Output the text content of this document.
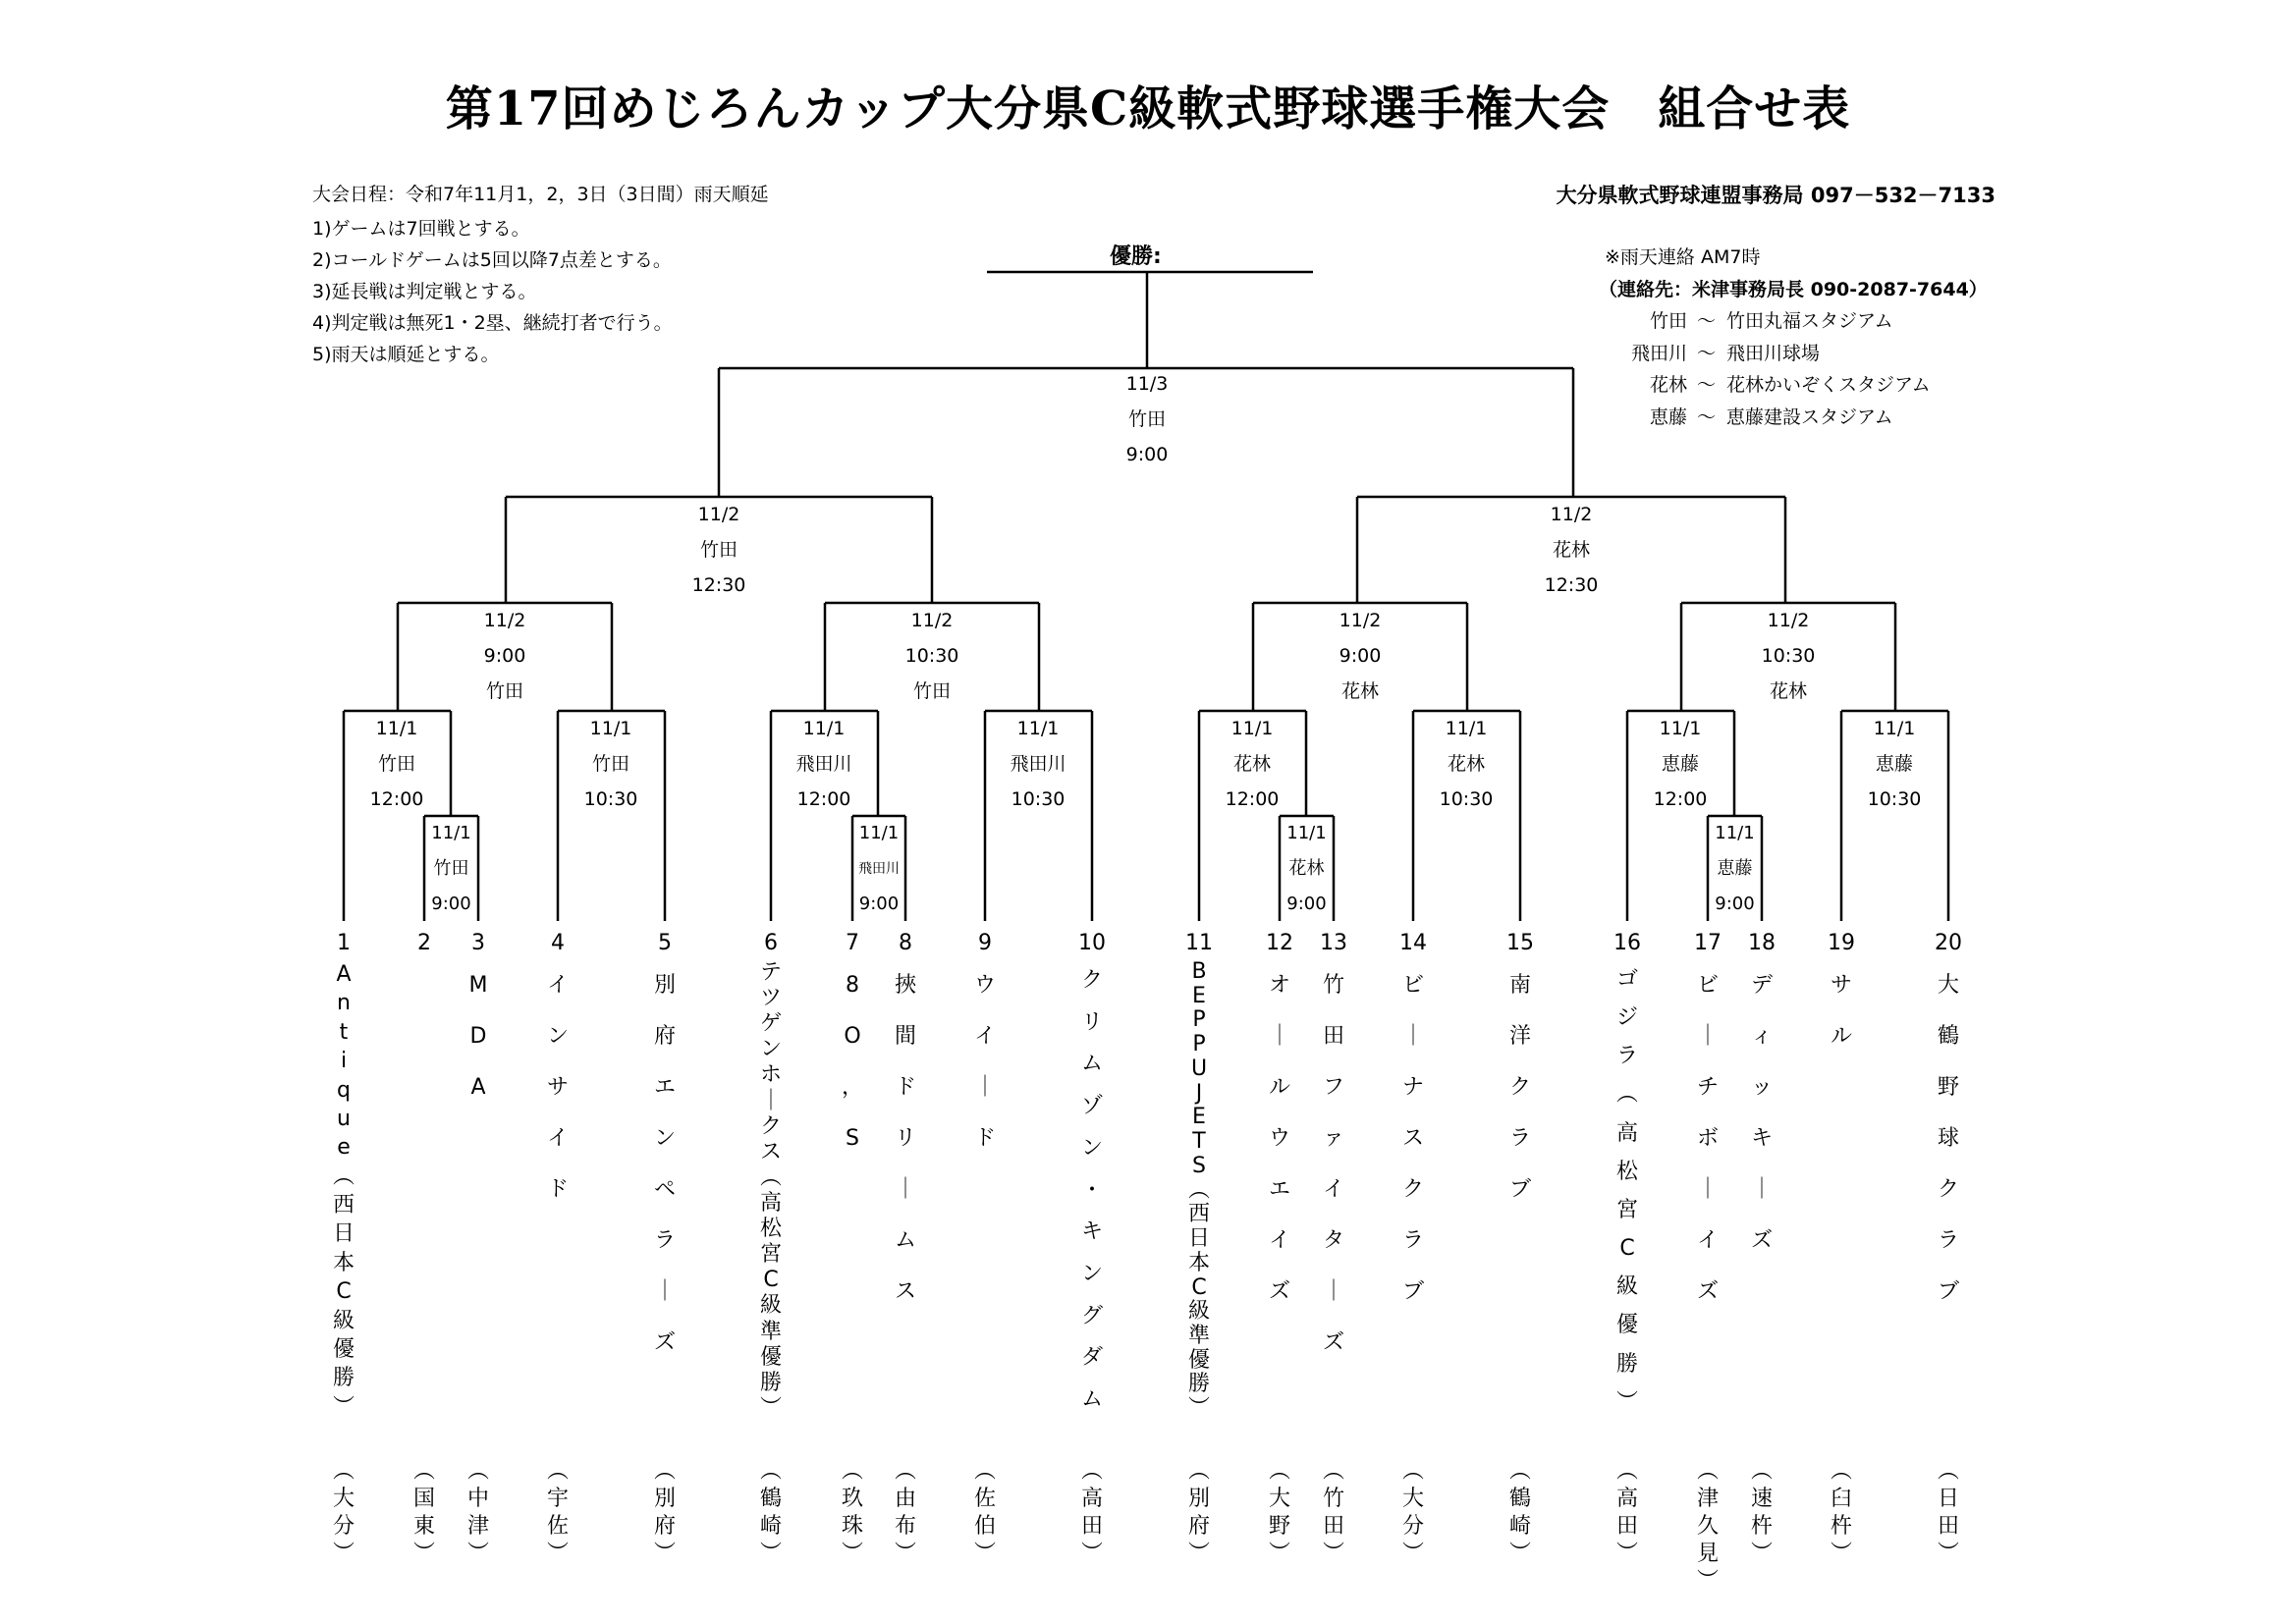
第17回めじろんカップ大分県C級軟式野球選手権大会　組合せ表
大会日程：令和7年11月1，2，3日（3日間）雨天順延
1)ゲームは7回戦とする。
2)コールドゲームは5回以降7点差とする。
3)延長戦は判定戦とする。
4)判定戦は無死1・2塁、継続打者で行う。
5)雨天は順延とする。
大分県軟式野球連盟事務局 097－532－7133
※雨天連絡 AM7時
（連絡先：米津事務局長 090-2087-7644）
竹田 ～ 竹田丸福スタジアム
飛田川 ～ 飛田川球場
花林 ～ 花林かいぞくスタジアム
恵藤 ～ 恵藤建設スタジアム
優勝:
11/3
竹田
9:00
11/2
竹田
12:30
11/2
花林
12:30
11/2
9:00
竹田
11/2
10:30
竹田
11/2
9:00
花林
11/2
10:30
花林
11/1
竹田
12:00
11/1
竹田
10:30
11/1
飛田川
12:00
11/1
飛田川
10:30
11/1
花林
12:00
11/1
花林
10:30
11/1
恵藤
12:00
11/1
恵藤
10:30
11/1
竹田
9:00
11/1
飛田川
9:00
11/1
花林
9:00
11/1
恵藤
9:00
1
A
n
t
i
q
u
e
︵
西
日
本
C
級
優
勝
︶
︵
大
分
︶
2
︵
国
東
︶
3
M
D
A
︵
中
津
︶
4
イ
ン
サ
イ
ド
︵
宇
佐
︶
5
別
府
エ
ン
ペ
ラ
｜
ズ
︵
別
府
︶
6
テ
ツ
ゲ
ン
ホ
｜
ク
ス
︵
高
松
宮
C
級
準
優
勝
︶
︵
鶴
崎
︶
7
8
O
，
S
︵
玖
珠
︶
8
挾
間
ド
リ
｜
ム
ス
︵
由
布
︶
9
ウ
イ
｜
ド
︵
佐
伯
︶
10
ク
リ
ム
ゾ
ン
・
キ
ン
グ
ダ
ム
︵
高
田
︶
11
B
E
P
P
U
J
E
T
S
︵
西
日
本
C
級
準
優
勝
︶
︵
別
府
︶
12
オ
｜
ル
ウ
エ
イ
ズ
︵
大
野
︶
13
竹
田
フ
ァ
イ
タ
｜
ズ
︵
竹
田
︶
14
ビ
｜
ナ
ス
ク
ラ
ブ
︵
大
分
︶
15
南
洋
ク
ラ
ブ
︵
鶴
崎
︶
16
ゴ
ジ
ラ
︵
高
松
宮
C
級
優
勝
︶
︵
高
田
︶
17
ビ
｜
チ
ボ
｜
イ
ズ
︵
津
久
見
︶
18
デ
ィ
ッ
キ
｜
ズ
︵
速
杵
︶
19
サ
ル
︵
臼
杵
︶
20
大
鶴
野
球
ク
ラ
ブ
︵
日
田
︶
